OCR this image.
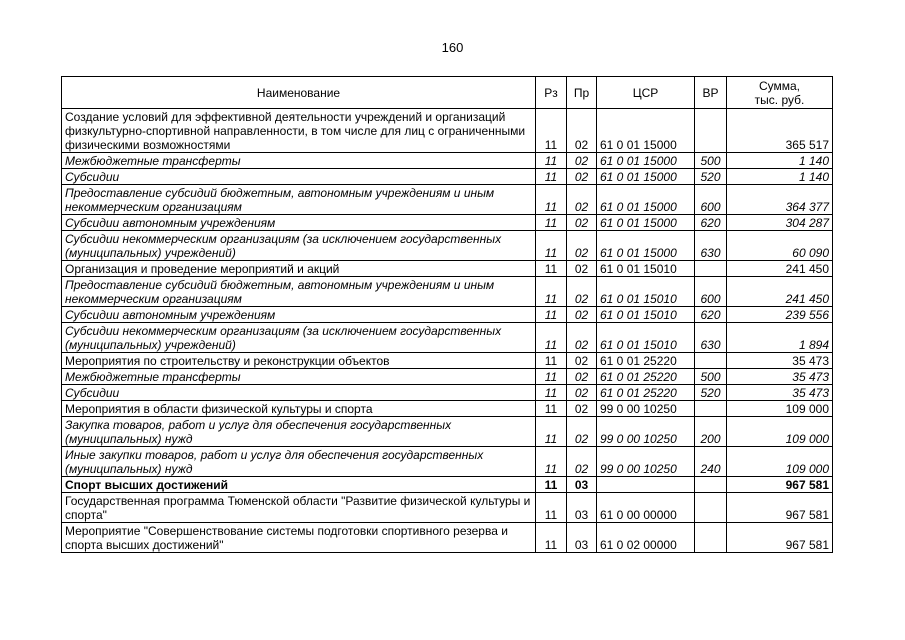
160
Наименование	Рз	Пр	ЦСР	ВР	Сумма,
тыс. руб.
Создание условий для эффективной деятельности учреждений и организаций физкультурно-спортивной направленности, в том числе для лиц с ограниченными физическими возможностями	11	02	61 0 01 15000		365 517
Межбюджетные трансферты	11	02	61 0 01 15000	500	1 140
Субсидии	11	02	61 0 01 15000	520	1 140
Предоставление субсидий бюджетным, автономным учреждениям и иным некоммерческим организациям	11	02	61 0 01 15000	600	364 377
Субсидии автономным учреждениям	11	02	61 0 01 15000	620	304 287
Субсидии некоммерческим организациям (за исключением государственных (муниципальных) учреждений)	11	02	61 0 01 15000	630	60 090
Организация и проведение мероприятий и акций	11	02	61 0 01 15010		241 450
Предоставление субсидий бюджетным, автономным учреждениям и иным некоммерческим организациям	11	02	61 0 01 15010	600	241 450
Субсидии автономным учреждениям	11	02	61 0 01 15010	620	239 556
Субсидии некоммерческим организациям (за исключением государственных (муниципальных) учреждений)	11	02	61 0 01 15010	630	1 894
Мероприятия по строительству и реконструкции объектов	11	02	61 0 01 25220		35 473
Межбюджетные трансферты	11	02	61 0 01 25220	500	35 473
Субсидии	11	02	61 0 01 25220	520	35 473
Мероприятия в области физической культуры и спорта	11	02	99 0 00 10250		109 000
Закупка товаров, работ и услуг для обеспечения государственных (муниципальных) нужд	11	02	99 0 00 10250	200	109 000
Иные закупки товаров, работ и услуг для обеспечения государственных (муниципальных) нужд	11	02	99 0 00 10250	240	109 000
Спорт высших достижений	11	03			967 581
Государственная программа Тюменской области "Развитие физической культуры и спорта"	11	03	61 0 00 00000		967 581
Мероприятие "Совершенствование системы подготовки спортивного резерва и спорта высших достижений"	11	03	61 0 02 00000		967 581
